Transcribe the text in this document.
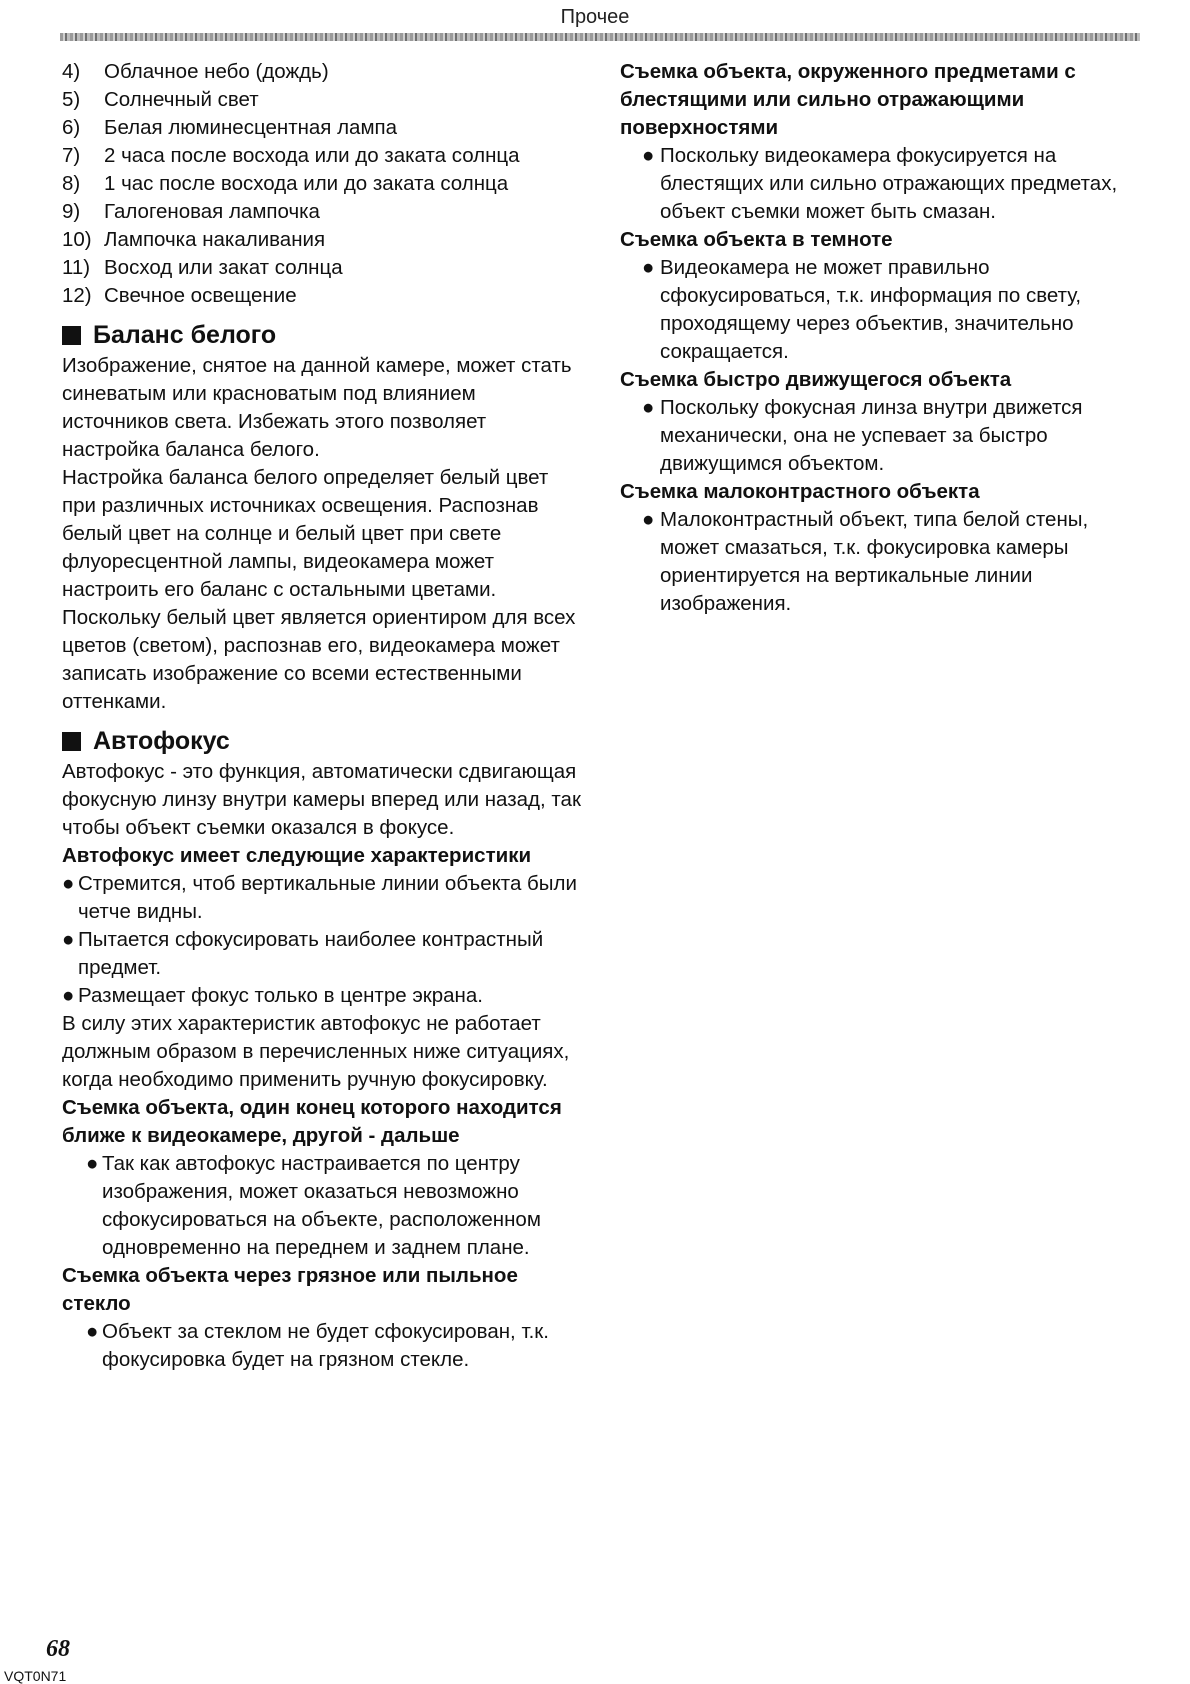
Прочее
4)	Облачное небо (дождь)
5)	Солнечный свет
6)	Белая люминесцентная лампа
7)	2 часа после восхода или до заката солнца
8)	1 час после восхода или до заката солнца
9)	Галогеновая лампочка
10) Лампочка накаливания
11) Восход или закат солнца
12) Свечное освещение
Баланс белого

Изображение, снятое на данной камере, может стать синеватым или красноватым под влиянием источников света. Избежать этого позволяет настройка баланса белого.

Настройка баланса белого определяет белый цвет при различных источниках освещения. Распознав белый цвет на солнце и белый цвет при свете флуоресцентной лампы, видеокамера может настроить его баланс с остальными цветами.

Поскольку белый цвет является ориентиром для всех цветов (светом), распознав его, видеокамера может записать изображение со всеми естественными оттенками.

Автофокус

Автофокус - это функция, автоматически сдвигающая фокусную линзу внутри камеры вперед или назад, так чтобы объект съемки оказался в фокусе.

Автофокус имеет следующие характеристики

● Стремится, чтоб вертикальные линии объекта были четче видны.
● Пытается сфокусировать наиболее контрастный предмет.
● Размещает фокус только в центре экрана.

В силу этих характеристик автофокус не работает должным образом в перечисленных ниже ситуациях, когда необходимо применить ручную фокусировку.

Съемка объекта, один конец которого находится ближе к видеокамере, другой - дальше

● Так как автофокус настраивается по центру изображения, может оказаться невозможно сфокусироваться на объекте, расположенном одновременно на переднем и заднем плане.

Съемка объекта через грязное или пыльное стекло

● Объект за стеклом не будет сфокусирован, т.к. фокусировка будет на грязном стекле.

Съемка объекта, окруженного предметами с блестящими или сильно отражающими поверхностями

● Поскольку видеокамера фокусируется на блестящих или сильно отражающих предметах, объект съемки может быть смазан.

Съемка объекта в темноте

● Видеокамера не может правильно сфокусироваться, т.к. информация по свету, проходящему через объектив, значительно сокращается.

Съемка быстро движущегося объекта

● Поскольку фокусная линза внутри движется механически, она не успевает за быстро движущимся объектом.

Съемка малоконтрастного объекта

● Малоконтрастный объект, типа белой стены, может смазаться, т.к. фокусировка камеры ориентируется на вертикальные линии изображения.
68
VQT0N71
